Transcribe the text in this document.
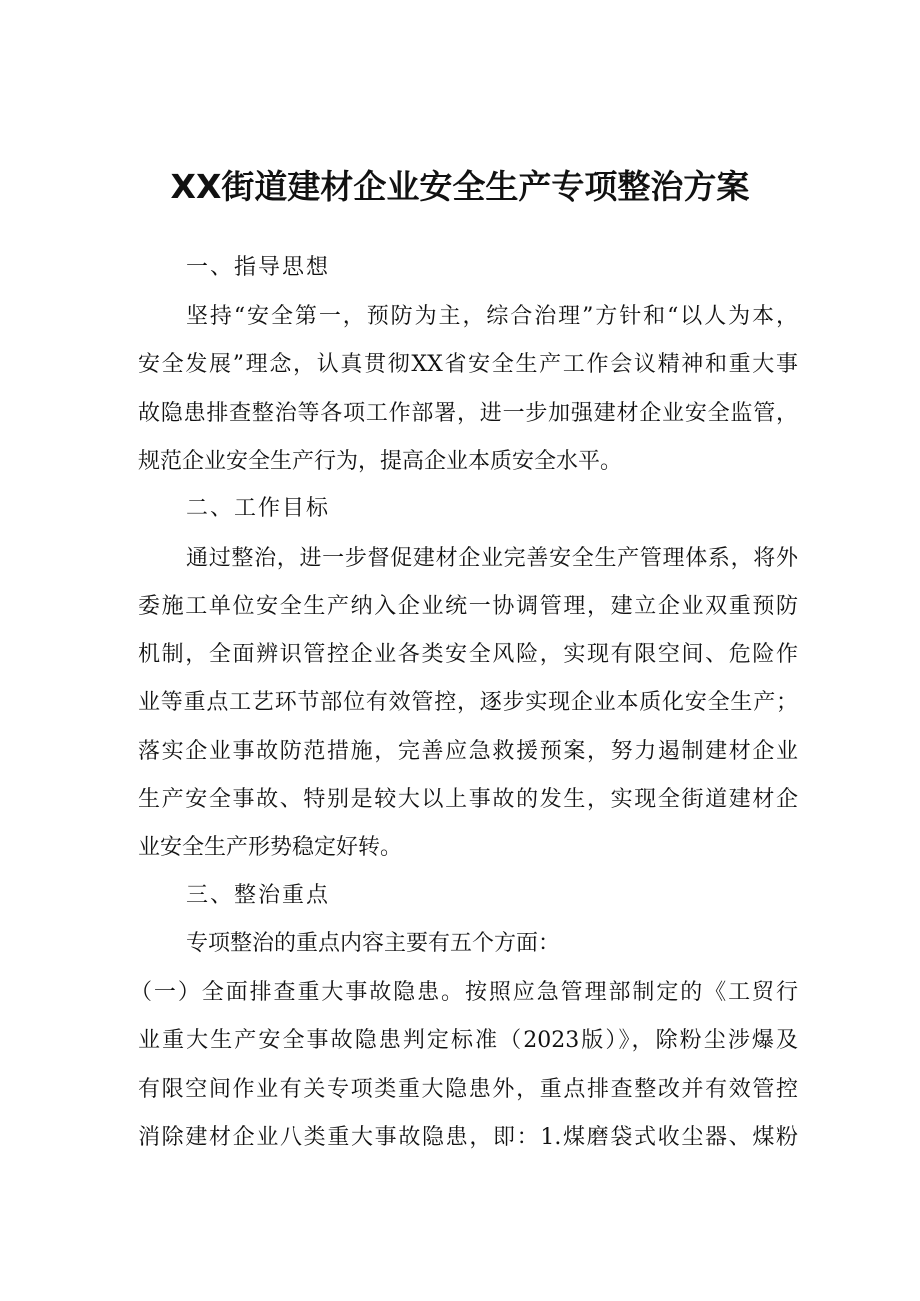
XX街道建材企业安全生产专项整治方案
一、指导思想
坚持“安全第一，预防为主，综合治理”方针和“以人为本，
安全发展”理念，认真贯彻XX省安全生产工作会议精神和重大事
故隐患排查整治等各项工作部署，进一步加强建材企业安全监管，
规范企业安全生产行为，提高企业本质安全水平。
二、工作目标
通过整治，进一步督促建材企业完善安全生产管理体系，将外
委施工单位安全生产纳入企业统一协调管理，建立企业双重预防
机制，全面辨识管控企业各类安全风险，实现有限空间、危险作
业等重点工艺环节部位有效管控，逐步实现企业本质化安全生产；
落实企业事故防范措施，完善应急救援预案，努力遏制建材企业
生产安全事故、特别是较大以上事故的发生，实现全街道建材企
业安全生产形势稳定好转。
三、整治重点
专项整治的重点内容主要有五个方面：
（一）全面排查重大事故隐患。按照应急管理部制定的《工贸行
业重大生产安全事故隐患判定标准（2023版）》，除粉尘涉爆及
有限空间作业有关专项类重大隐患外，重点排查整改并有效管控
消除建材企业八类重大事故隐患，即：1.煤磨袋式收尘器、煤粉
